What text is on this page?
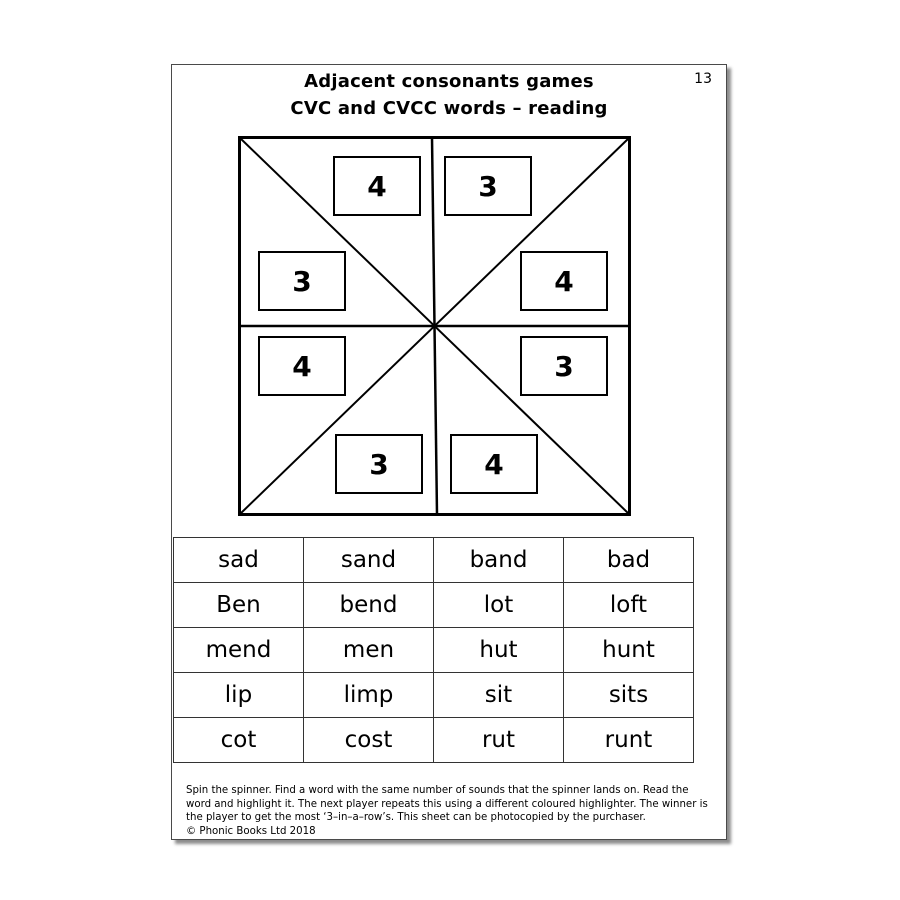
13
Adjacent consonants games
CVC and CVCC words – reading
4	3
3	4
4	3
3	4
sad	sand	band	bad
Ben	bend	lot	loft
mend	men	hut	hunt
lip	limp	sit	sits
cot	cost	rut	runt
Spin the spinner. Find a word with the same number of sounds that the spinner lands on. Read the word and highlight it. The next player repeats this using a different coloured highlighter. The winner is the player to get the most ‘3–in–a–row’s. This sheet can be photocopied by the purchaser.
© Phonic Books Ltd 2018
